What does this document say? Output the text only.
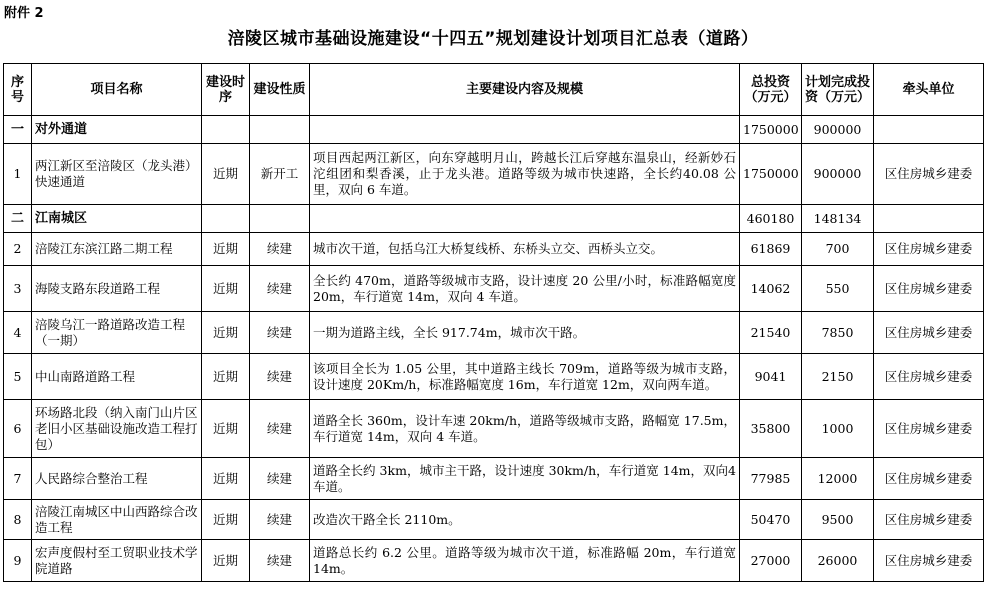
附件 2
涪陵区城市基础设施建设“十四五”规划建设计划项目汇总表（道路）
序号	项目名称	建设时序	建设性质	主要建设内容及规模	总投资（万元）	计划完成投　资（万元）	牵头单位
一	对外通道				1750000	900000	
1	两江新区至涪陵区（龙头港）快速通道	近期	新开工	项目西起两江新区，向东穿越明月山，跨越长江后穿越东温泉山，经新妙石沱组团和梨香溪，止于龙头港。道路等级为城市快速路，全长约40.08 公里，双向 6 车道。	1750000	900000	区住房城乡建委
二	江南城区				460180	148134	
2	涪陵江东滨江路二期工程	近期	续建	城市次干道，包括乌江大桥复线桥、东桥头立交、西桥头立交。	61869	700	区住房城乡建委
3	海陵支路东段道路工程	近期	续建	全长约 470m，道路等级城市支路，设计速度 20 公里/小时，标准路幅宽度 20m，车行道宽 14m，双向 4 车道。	14062	550	区住房城乡建委
4	涪陵乌江一路道路改造工程（一期）	近期	续建	一期为道路主线，全长 917.74m，城市次干路。	21540	7850	区住房城乡建委
5	中山南路道路工程	近期	续建	该项目全长为 1.05 公里，其中道路主线长 709m，道路等级为城市支路，设计速度 20Km/h，标准路幅宽度 16m，车行道宽 12m，双向两车道。	9041	2150	区住房城乡建委
6	环场路北段（纳入南门山片区老旧小区基础设施改造工程打包）	近期	续建	道路全长 360m，设计车速 20km/h，道路等级城市支路，路幅宽 17.5m，车行道宽 14m，双向 4 车道。	35800	1000	区住房城乡建委
7	人民路综合整治工程	近期	续建	道路全长约 3km，城市主干路，设计速度 30km/h，车行道宽 14m，双向4 车道。	77985	12000	区住房城乡建委
8	涪陵江南城区中山西路综合改造工程	近期	续建	改造次干路全长 2110m。	50470	9500	区住房城乡建委
9	宏声度假村至工贸职业技术学院道路	近期	续建	道路总长约 6.2 公里。道路等级为城市次干道，标准路幅 20m，车行道宽 14m。	27000	26000	区住房城乡建委
